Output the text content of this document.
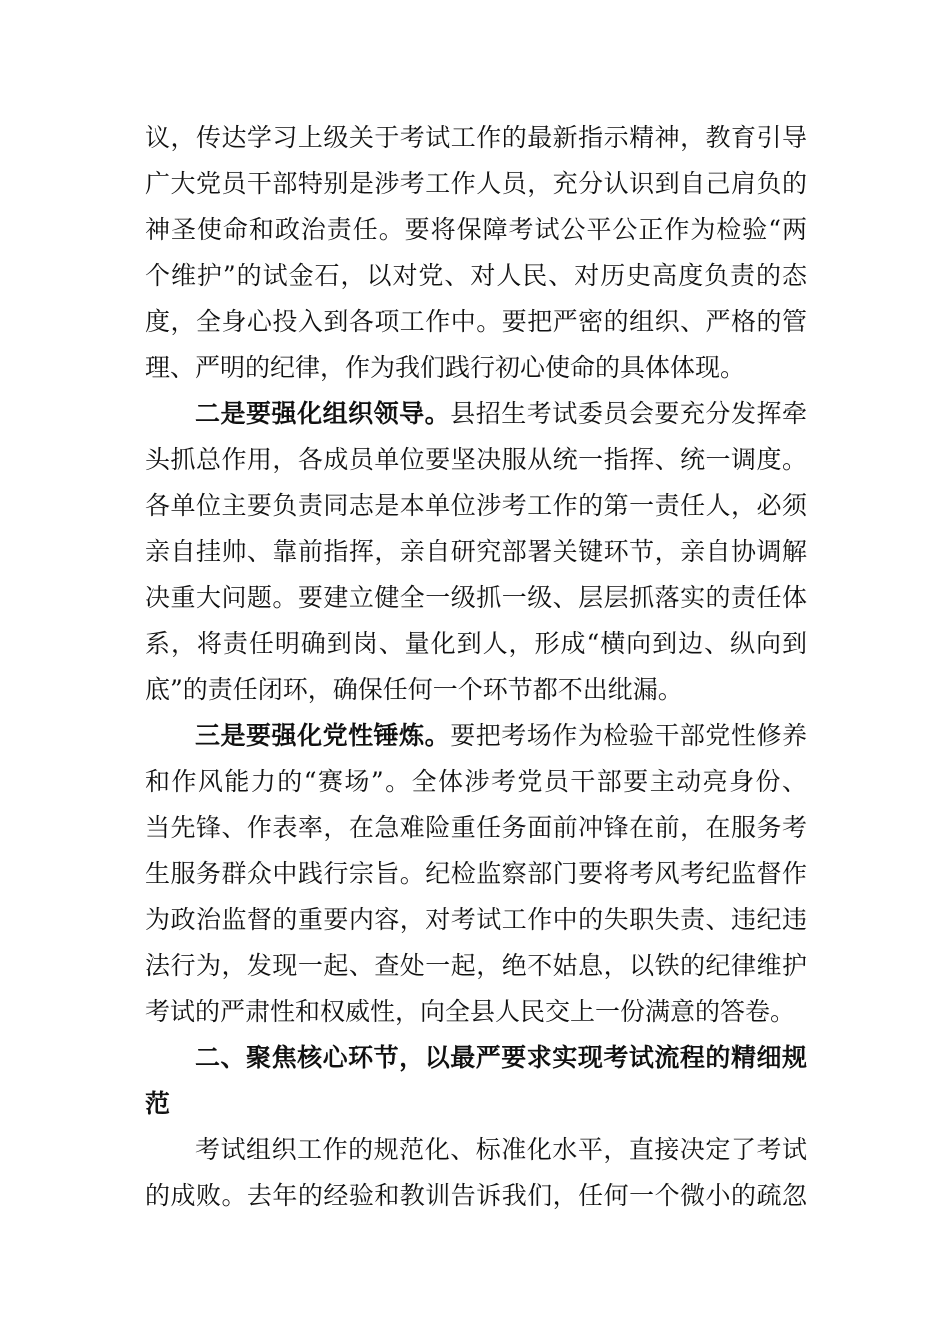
议，传达学习上级关于考试工作的最新指示精神，教育引导
广大党员干部特别是涉考工作人员，充分认识到自己肩负的
神圣使命和政治责任。要将保障考试公平公正作为检验“两
个维护”的试金石，以对党、对人民、对历史高度负责的态
度，全身心投入到各项工作中。要把严密的组织、严格的管
理、严明的纪律，作为我们践行初心使命的具体体现。
二是要强化组织领导。县招生考试委员会要充分发挥牵
头抓总作用，各成员单位要坚决服从统一指挥、统一调度。
各单位主要负责同志是本单位涉考工作的第一责任人，必须
亲自挂帅、靠前指挥，亲自研究部署关键环节，亲自协调解
决重大问题。要建立健全一级抓一级、层层抓落实的责任体
系，将责任明确到岗、量化到人，形成“横向到边、纵向到
底”的责任闭环，确保任何一个环节都不出纰漏。
三是要强化党性锤炼。要把考场作为检验干部党性修养
和作风能力的“赛场”。全体涉考党员干部要主动亮身份、
当先锋、作表率，在急难险重任务面前冲锋在前，在服务考
生服务群众中践行宗旨。纪检监察部门要将考风考纪监督作
为政治监督的重要内容，对考试工作中的失职失责、违纪违
法行为，发现一起、查处一起，绝不姑息，以铁的纪律维护
考试的严肃性和权威性，向全县人民交上一份满意的答卷。
二、聚焦核心环节，以最严要求实现考试流程的精细规
范
考试组织工作的规范化、标准化水平，直接决定了考试
的成败。去年的经验和教训告诉我们，任何一个微小的疏忽
